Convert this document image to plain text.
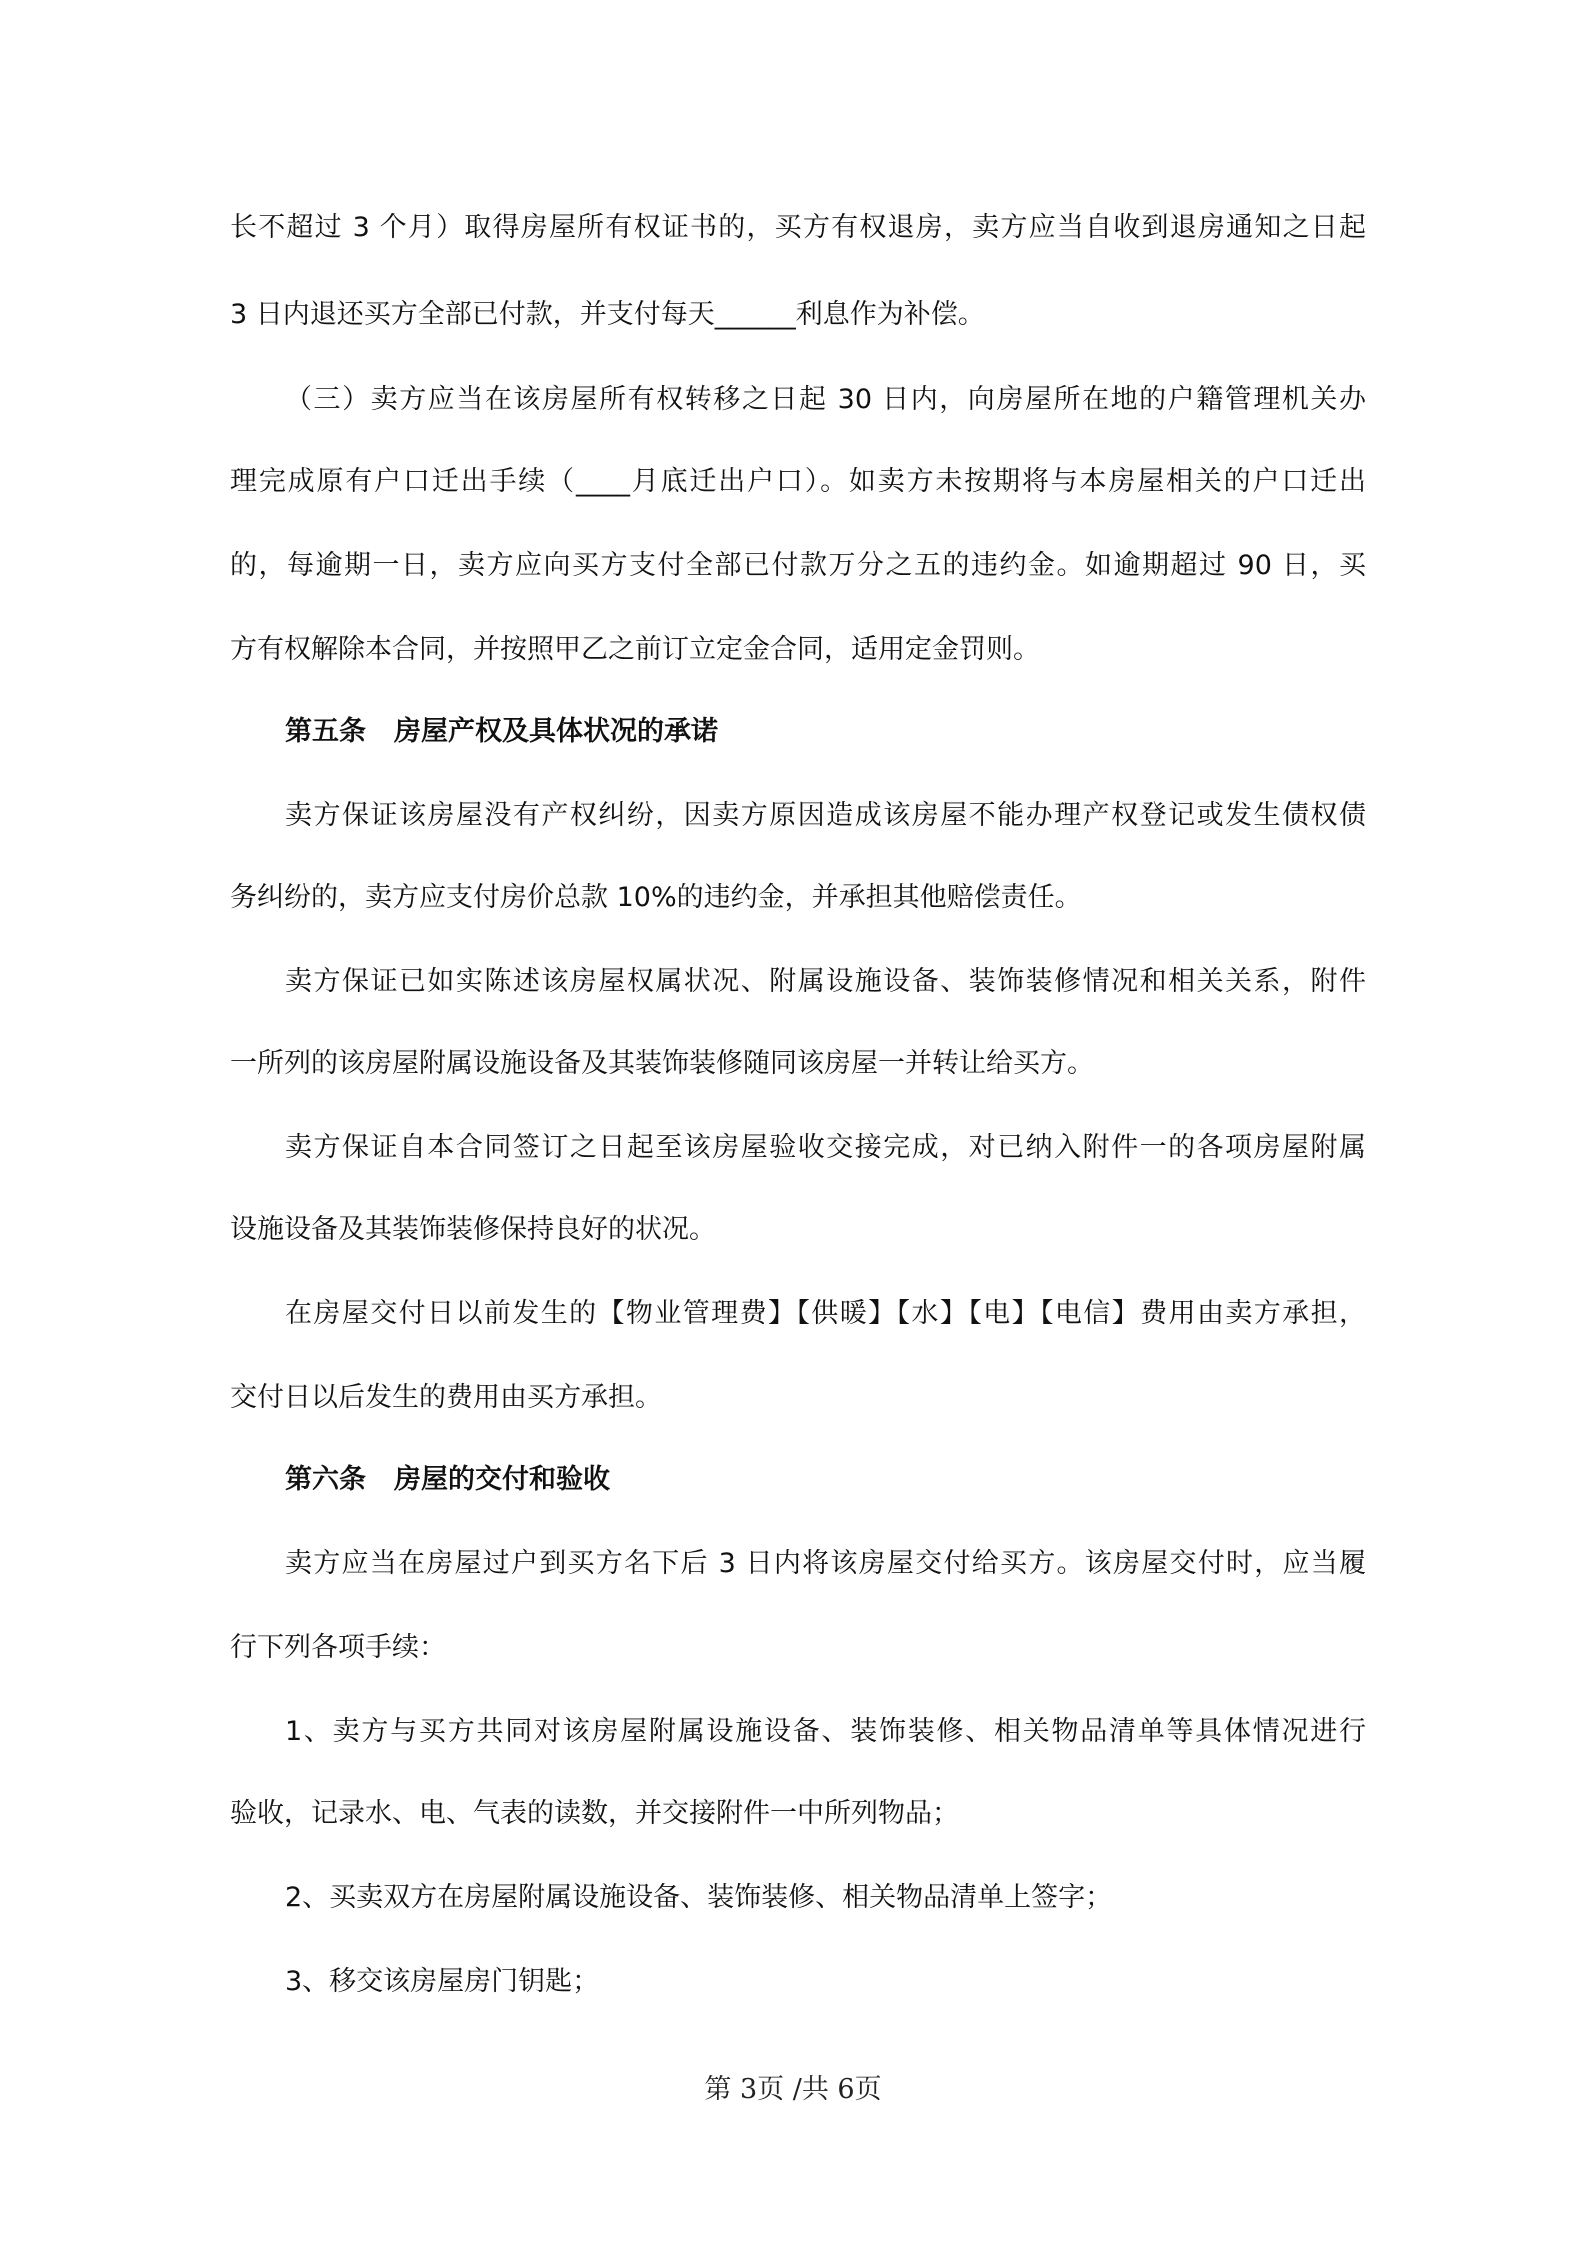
长不超过 3 个月）取得房屋所有权证书的，买方有权退房，卖方应当自收到退房通知之日起
3 日内退还买方全部已付款，并支付每天______利息作为补偿。
（三）卖方应当在该房屋所有权转移之日起 30 日内，向房屋所在地的户籍管理机关办
理完成原有户口迁出手续（____月底迁出户口）。如卖方未按期将与本房屋相关的户口迁出
的，每逾期一日，卖方应向买方支付全部已付款万分之五的违约金。如逾期超过 90 日，买
方有权解除本合同，并按照甲乙之前订立定金合同，适用定金罚则。
第五条 房屋产权及具体状况的承诺
卖方保证该房屋没有产权纠纷，因卖方原因造成该房屋不能办理产权登记或发生债权债
务纠纷的，卖方应支付房价总款 10%的违约金，并承担其他赔偿责任。
卖方保证已如实陈述该房屋权属状况、附属设施设备、装饰装修情况和相关关系，附件
一所列的该房屋附属设施设备及其装饰装修随同该房屋一并转让给买方。
卖方保证自本合同签订之日起至该房屋验收交接完成，对已纳入附件一的各项房屋附属
设施设备及其装饰装修保持良好的状况。
在房屋交付日以前发生的【物业管理费】【供暖】【水】【电】【电信】费用由卖方承担，
交付日以后发生的费用由买方承担。
第六条 房屋的交付和验收
卖方应当在房屋过户到买方名下后 3 日内将该房屋交付给买方。该房屋交付时，应当履
行下列各项手续：
1、卖方与买方共同对该房屋附属设施设备、装饰装修、相关物品清单等具体情况进行
验收，记录水、电、气表的读数，并交接附件一中所列物品；
2、买卖双方在房屋附属设施设备、装饰装修、相关物品清单上签字；
3、移交该房屋房门钥匙；
第 3页 /共 6页
